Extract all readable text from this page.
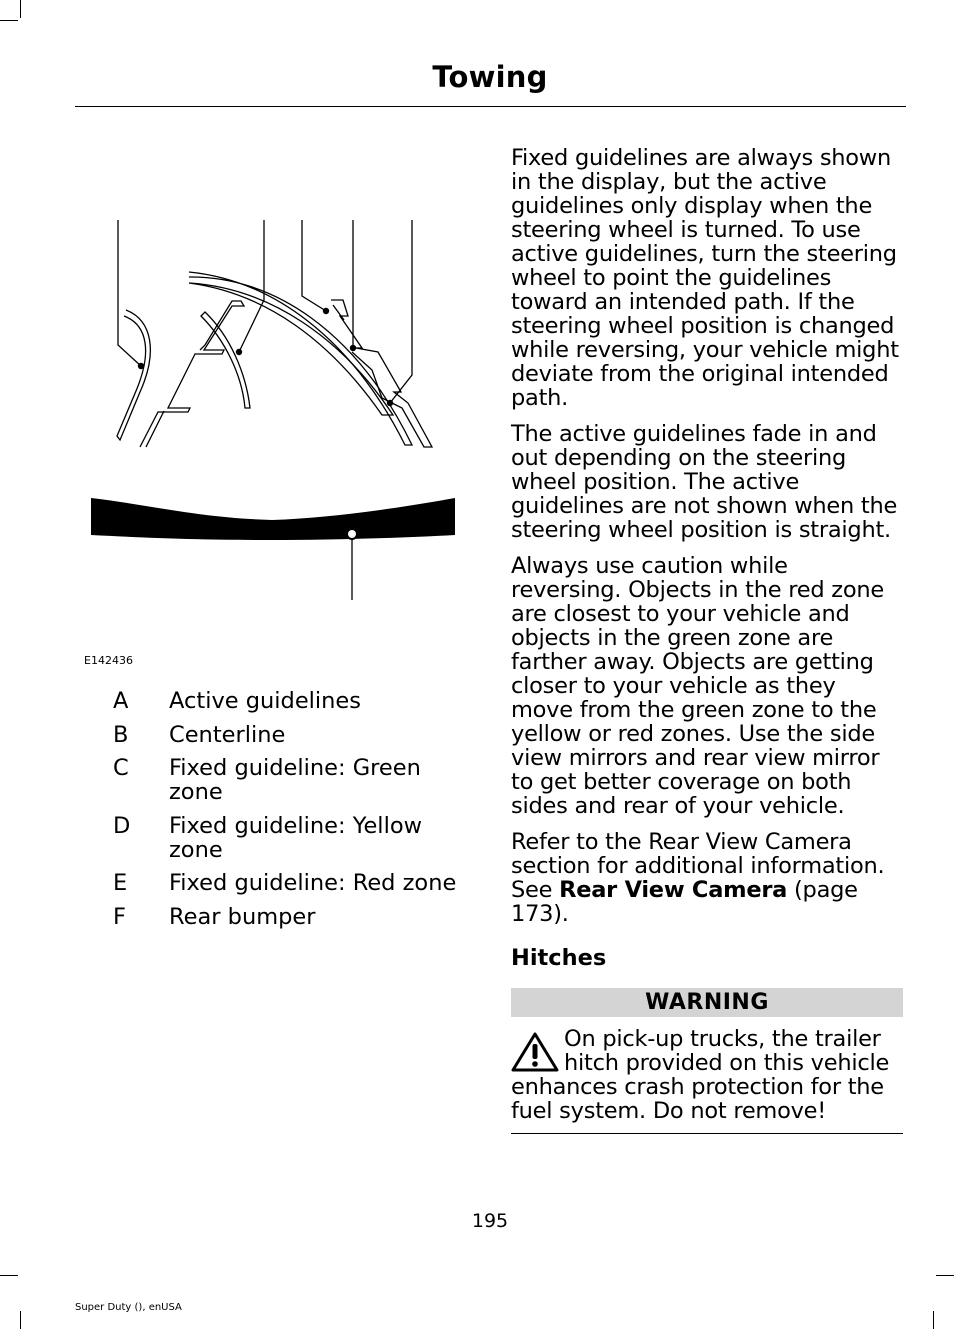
Towing
E142436
A	Active guidelines
B	Centerline
C	Fixed guideline: Green zone
D	Fixed guideline: Yellow zone
E	Fixed guideline: Red zone
F	Rear bumper

Fixed guidelines are always shown in the display, but the active guidelines only display when the steering wheel is turned. To use active guidelines, turn the steering wheel to point the guidelines toward an intended path. If the steering wheel position is changed while reversing, your vehicle might deviate from the original intended path.

The active guidelines fade in and out depending on the steering wheel position. The active guidelines are not shown when the steering wheel position is straight.

Always use caution while reversing. Objects in the red zone are closest to your vehicle and objects in the green zone are farther away. Objects are getting closer to your vehicle as they move from the green zone to the yellow or red zones. Use the side view mirrors and rear view mirror to get better coverage on both sides and rear of your vehicle.

Refer to the Rear View Camera section for additional information. See Rear View Camera (page 173).

Hitches
WARNING
On pick-up trucks, the trailer hitch provided on this vehicle enhances crash protection for the fuel system. Do not remove!
195
Super Duty (), enUSA
